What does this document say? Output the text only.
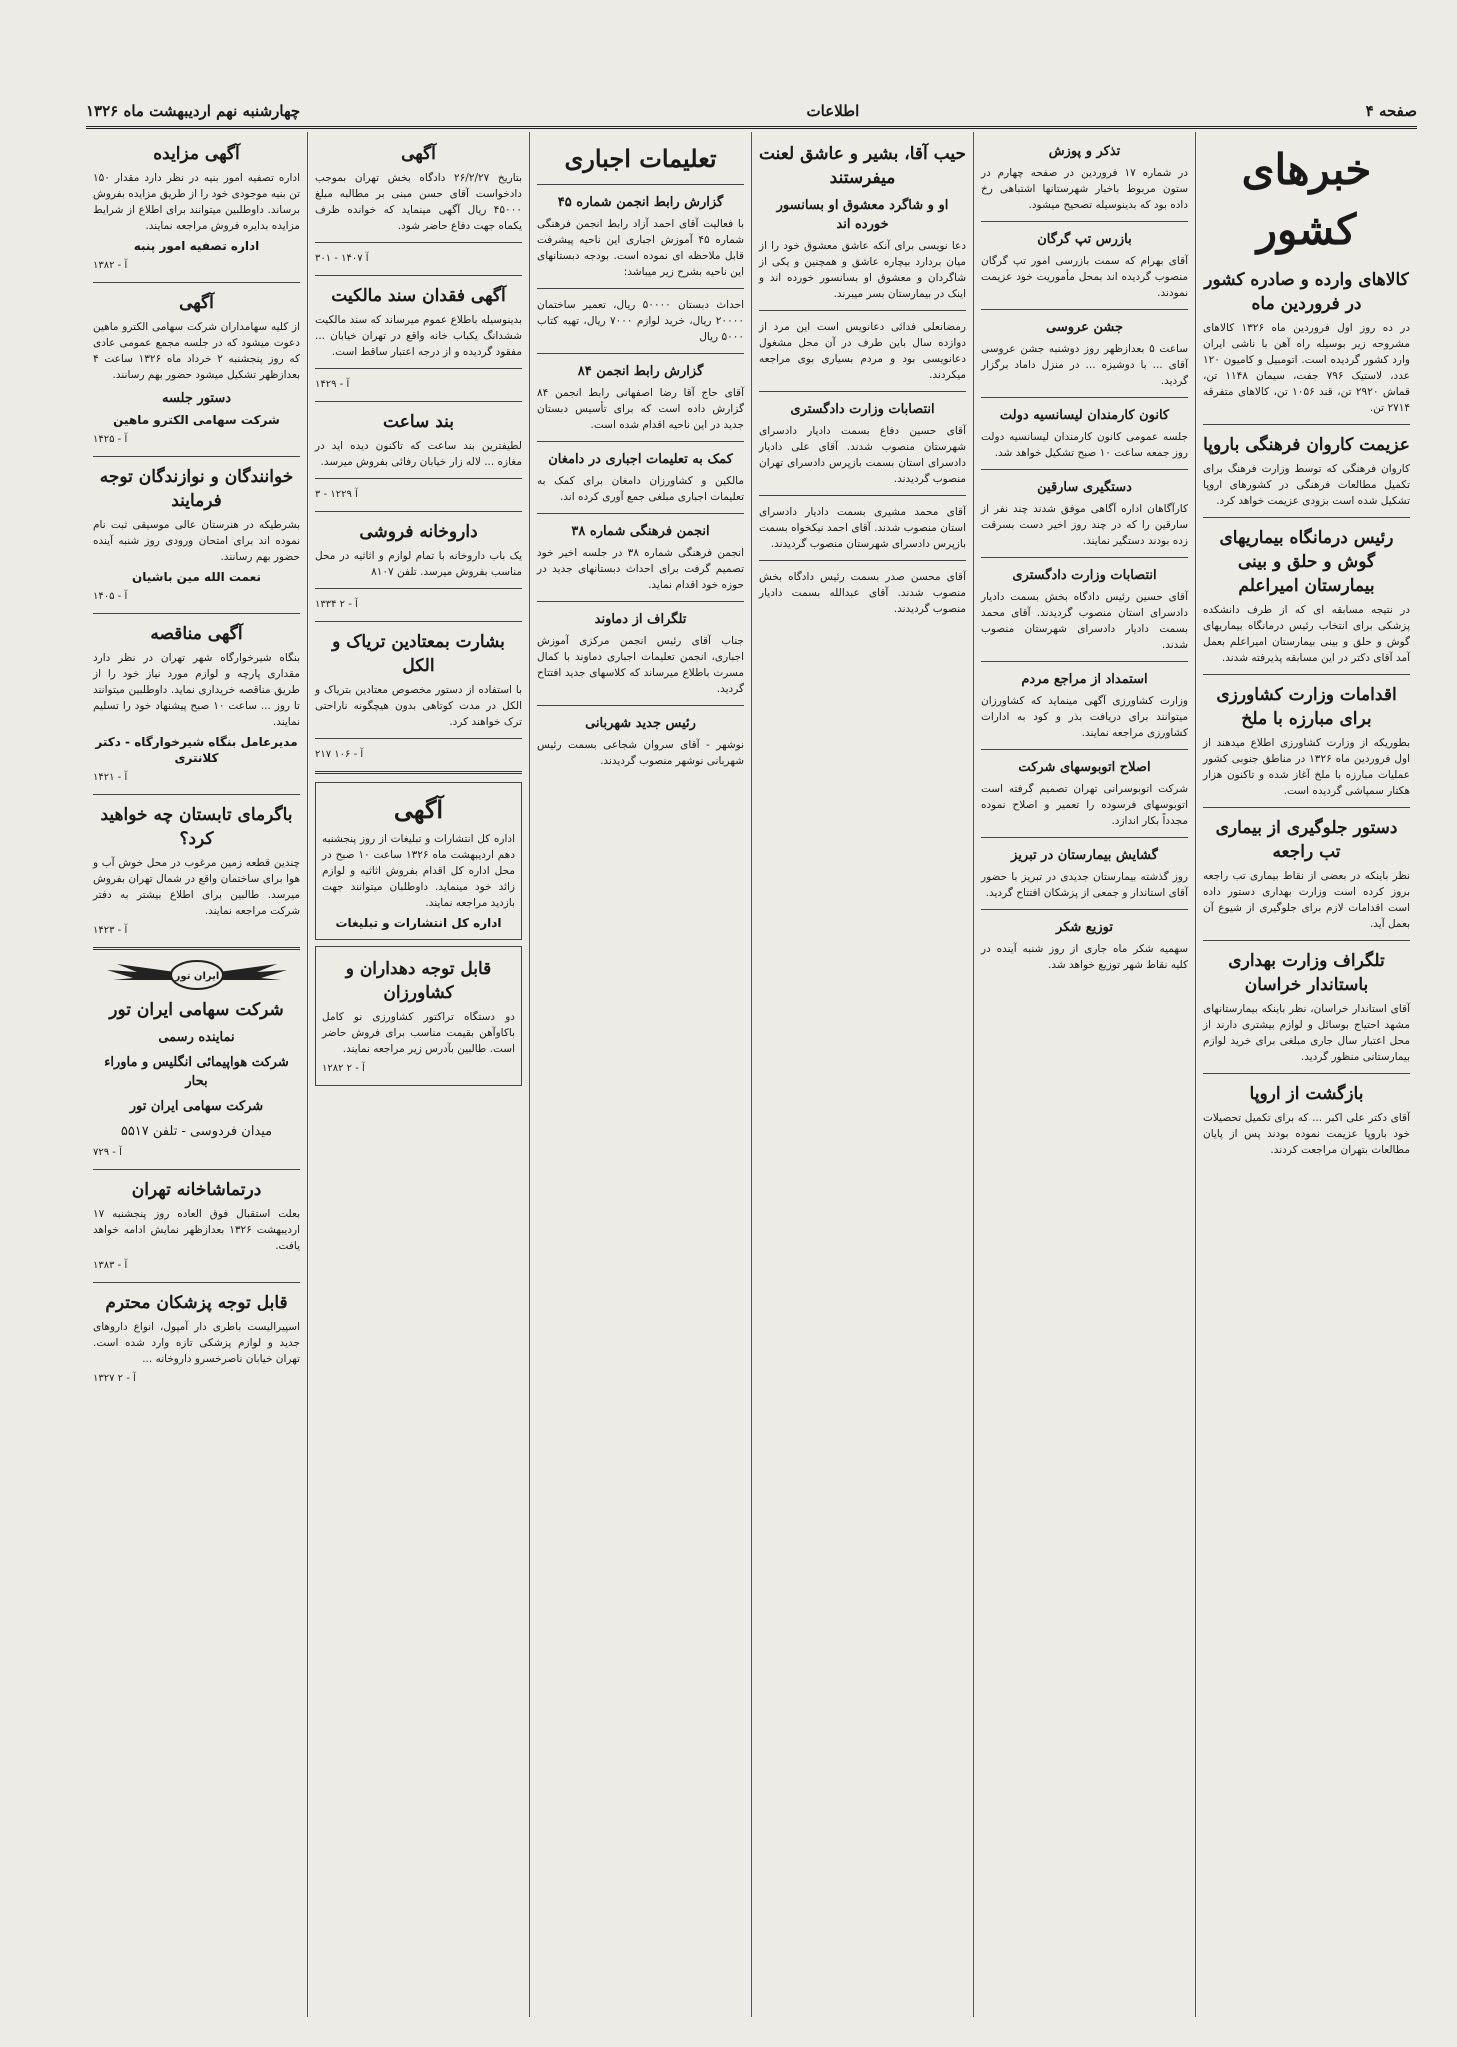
صفحه ۴
اطلاعات
چهارشنبه نهم اردیبهشت ماه ۱۳۲۶
خبرهای کشور
کالاهای وارده و صادره کشور در فروردین ماه

در ده روز اول فروردین ماه ۱۳۲۶ کالاهای مشروحه زیر بوسیله راه آهن با ناشی ایران وارد کشور گردیده است. اتومبیل و کامیون ۱۲۰ عدد، لاستیک ۷۹۶ جفت، سیمان ۱۱۴۸ تن، قماش ۲۹۲۰ تن، قند ۱۰۵۶ تن، کالاهای متفرقه ۲۷۱۴ تن.

عزیمت کاروان فرهنگی باروپا

کاروان فرهنگی که توسط وزارت فرهنگ برای تکمیل مطالعات فرهنگی در کشورهای اروپا تشکیل شده است بزودی عزیمت خواهد کرد.

رئیس درمانگاه بیماریهای گوش و حلق و بینی بیمارستان امیراعلم

در نتیجه مسابقه ای که از طرف دانشکده پزشکی برای انتخاب رئیس درمانگاه بیماریهای گوش و حلق و بینی بیمارستان امیراعلم بعمل آمد آقای دکتر در این مسابقه پذیرفته شدند.

اقدامات وزارت کشاورزی برای مبارزه با ملخ

بطوریکه از وزارت کشاورزی اطلاع میدهند از اول فروردین ماه ۱۳۲۶ در مناطق جنوبی کشور عملیات مبارزه با ملخ آغاز شده و تاکنون هزار هکتار سمپاشی گردیده است.

دستور جلوگیری از بیماری تب راجعه

نظر باینکه در بعضی از نقاط بیماری تب راجعه بروز کرده است وزارت بهداری دستور داده است اقدامات لازم برای جلوگیری از شیوع آن بعمل آید.

تلگراف وزارت بهداری باستاندار خراسان

آقای استاندار خراسان، نظر باینکه بیمارستانهای مشهد احتیاج بوسائل و لوازم بیشتری دارند از محل اعتبار سال جاری مبلغی برای خرید لوازم بیمارستانی منظور گردید.

بازگشت از اروپا

آقای دکتر علی اکبر ... که برای تکمیل تحصیلات خود باروپا عزیمت نموده بودند پس از پایان مطالعات بتهران مراجعت کردند.

تذکر و پوزش

در شماره ۱۷ فروردین در صفحه چهارم در ستون مربوط باخبار شهرستانها اشتباهی رخ داده بود که بدینوسیله تصحیح میشود.

بازرس تپ گرگان

آقای بهرام که سمت بازرسی امور تپ گرگان منصوب گردیده اند بمحل مأموریت خود عزیمت نمودند.

جشن عروسی

ساعت ۵ بعدازظهر روز دوشنبه جشن عروسی آقای ... با دوشیزه ... در منزل داماد برگزار گردید.

کانون کارمندان لیسانسیه دولت

جلسه عمومی کانون کارمندان لیسانسیه دولت روز جمعه ساعت ۱۰ صبح تشکیل خواهد شد.

دستگیری سارقین

کارآگاهان اداره آگاهی موفق شدند چند نفر از سارقین را که در چند روز اخیر دست بسرقت زده بودند دستگیر نمایند.

انتصابات وزارت دادگستری

آقای حسین رئیس دادگاه بخش بسمت دادیار دادسرای استان منصوب گردیدند. آقای محمد بسمت دادیار دادسرای شهرستان منصوب شدند.

استمداد از مراجع مردم

وزارت کشاورزی آگهی مینماید که کشاورزان میتوانند برای دریافت بذر و کود به ادارات کشاورزی مراجعه نمایند.

اصلاح اتوبوسهای شرکت

شرکت اتوبوسرانی تهران تصمیم گرفته است اتوبوسهای فرسوده را تعمیر و اصلاح نموده مجدداً بکار اندازد.

گشایش بیمارستان در تبریز

روز گذشته بیمارستان جدیدی در تبریز با حضور آقای استاندار و جمعی از پزشکان افتتاح گردید.

توزیع شکر

سهمیه شکر ماه جاری از روز شنبه آینده در کلیه نقاط شهر توزیع خواهد شد.

حیب آقا، بشیر و عاشق لعنت میفرستند
او و شاگرد معشوق او بسانسور خورده اند

دعا نویسی برای آنکه عاشق معشوق خود را از میان بردارد بیچاره عاشق و همچنین و یکی از شاگردان و معشوق او بسانسور خورده اند و اینک در بیمارستان بسر میبرند.

رمضانعلی فدائی دعانویس است این مرد از دوازده سال باین طرف در آن محل مشغول دعانویسی بود و مردم بسیاری بوی مراجعه میکردند.

انتصابات وزارت دادگستری

آقای حسین دفاع بسمت دادیار دادسرای شهرستان منصوب شدند. آقای علی دادیار دادسرای استان بسمت بازپرس دادسرای تهران منصوب گردیدند.

آقای محمد مشیری بسمت دادیار دادسرای استان منصوب شدند. آقای احمد نیکخواه بسمت بازپرس دادسرای شهرستان منصوب گردیدند.

آقای محسن صدر بسمت رئیس دادگاه بخش منصوب شدند. آقای عبدالله بسمت دادیار منصوب گردیدند.

تعلیمات اجباری
گزارش رابط انجمن شماره ۴۵

با فعالیت آقای احمد آزاد رابط انجمن فرهنگی شماره ۴۵ آموزش اجباری این ناحیه پیشرفت قابل ملاحظه ای نموده است. بودجه دبستانهای این ناحیه بشرح زیر میباشد:

احداث دبستان ۵۰۰۰۰ ریال، تعمیر ساختمان ۲۰۰۰۰ ریال، خرید لوازم ۷۰۰۰ ریال، تهیه کتاب ۵۰۰۰ ریال

گزارش رابط انجمن ۸۴

آقای حاج آقا رضا اصفهانی رابط انجمن ۸۴ گزارش داده است که برای تأسیس دبستان جدید در این ناحیه اقدام شده است.

کمک به تعلیمات اجباری در دامغان

مالکین و کشاورزان دامغان برای کمک به تعلیمات اجباری مبلغی جمع آوری کرده اند.

انجمن فرهنگی شماره ۳۸

انجمن فرهنگی شماره ۳۸ در جلسه اخیر خود تصمیم گرفت برای احداث دبستانهای جدید در حوزه خود اقدام نماید.

تلگراف از دماوند

جناب آقای رئیس انجمن مرکزی آموزش اجباری، انجمن تعلیمات اجباری دماوند با کمال مسرت باطلاع میرساند که کلاسهای جدید افتتاح گردید.

رئیس جدید شهربانی

نوشهر - آقای سروان شجاعی بسمت رئیس شهربانی نوشهر منصوب گردیدند.

آگهی

بتاریخ ۲۶/۲/۲۷ دادگاه بخش تهران بموجب دادخواست آقای حسن مبنی بر مطالبه مبلغ ۴۵۰۰۰ ریال آگهی مینماید که خوانده ظرف یکماه جهت دفاع حاضر شود.

۳۰۱ - ۱۴۰۷ آ
آگهی فقدان سند مالکیت

بدینوسیله باطلاع عموم میرساند که سند مالکیت ششدانگ یکباب خانه واقع در تهران خیابان ... مفقود گردیده و از درجه اعتبار ساقط است.

۱۴۲۹ - آ
بند ساعت

لطیفترین بند ساعت که تاکنون دیده اید در مغازه ... لاله زار خیابان رفائی بفروش میرسد.

۳ - ۱۲۲۹ آ
داروخانه فروشی

یک باب داروخانه با تمام لوازم و اثاثیه در محل مناسب بفروش میرسد. تلفن ۸۱۰۷

۱۳۳۴ آ - ۲
بشارت بمعتادین تریاک و الکل

با استفاده از دستور مخصوص معتادین بتریاک و الکل در مدت کوتاهی بدون هیچگونه ناراحتی ترک خواهند کرد.

۲۱۷ آ - ۱۰۶
آگهی

اداره کل انتشارات و تبلیغات از روز پنجشنبه دهم اردیبهشت ماه ۱۳۲۶ ساعت ۱۰ صبح در محل اداره کل اقدام بفروش اثاثیه و لوازم زائد خود مینماید. داوطلبان میتوانند جهت بازدید مراجعه نمایند.

اداره کل انتشارات و تبلیغات
قابل توجه دهداران و کشاورزان

دو دستگاه تراکتور کشاورزی نو کامل باکاوآهن بقیمت مناسب برای فروش حاضر است. طالبین بآدرس زیر مراجعه نمایند.

۱۲۸۲ آ - ۲
آگهی مزایده

اداره تصفیه امور بنیه در نظر دارد مقدار ۱۵۰ تن بنیه موجودی خود را از طریق مزایده بفروش برساند. داوطلبین میتوانند برای اطلاع از شرایط مزایده بدایره فروش مراجعه نمایند.

اداره تصفیه امور پنبه
۱۳۸۲ - آ
آگهی

از کلیه سهامداران شرکت سهامی الکترو ماهین دعوت میشود که در جلسه مجمع عمومی عادی که روز پنجشنبه ۲ خرداد ماه ۱۳۲۶ ساعت ۴ بعدازظهر تشکیل میشود حضور بهم رسانند.

دستور جلسه
شرکت سهامی الکترو ماهین
۱۴۲۵ - آ
خوانندگان و نوازندگان توجه فرمایند

بشرطیکه در هنرستان عالی موسیقی ثبت نام نموده اند برای امتحان ورودی روز شنبه آینده حضور بهم رسانند.

نعمت الله مین باشیان
۱۴۰۵ - آ
آگهی مناقصه

بنگاه شیرخوارگاه شهر تهران در نظر دارد مقداری پارچه و لوازم مورد نیاز خود را از طریق مناقصه خریداری نماید. داوطلبین میتوانند تا روز ... ساعت ۱۰ صبح پیشنهاد خود را تسلیم نمایند.

مدیرعامل بنگاه شیرخوارگاه - دکتر کلانتری
۱۴۲۱ - آ
باگرمای تابستان چه خواهید کرد؟

چندین قطعه زمین مرغوب در محل خوش آب و هوا برای ساختمان واقع در شمال تهران بفروش میرسد. طالبین برای اطلاع بیشتر به دفتر شرکت مراجعه نمایند.

۱۴۲۳ - آ
ایران تور
شرکت سهامی ایران تور
نماینده رسمی
شرکت هواپیمائی انگلیس و ماوراء بحار
شرکت سهامی ایران تور
میدان فردوسی - تلفن ۵۵۱۷
۷۲۹ - آ
درتماشاخانه تهران

بعلت استقبال فوق العاده روز پنجشنبه ۱۷ اردیبهشت ۱۳۲۶ بعدازظهر نمایش ادامه خواهد یافت.

۱۳۸۳ - آ
قابل توجه پزشکان محترم

اسپیرالیست باطری دار آمپول، انواع داروهای جدید و لوازم پزشکی تازه وارد شده است. تهران خیابان ناصرخسرو داروخانه ...

۱۳۲۷ آ - ۲
